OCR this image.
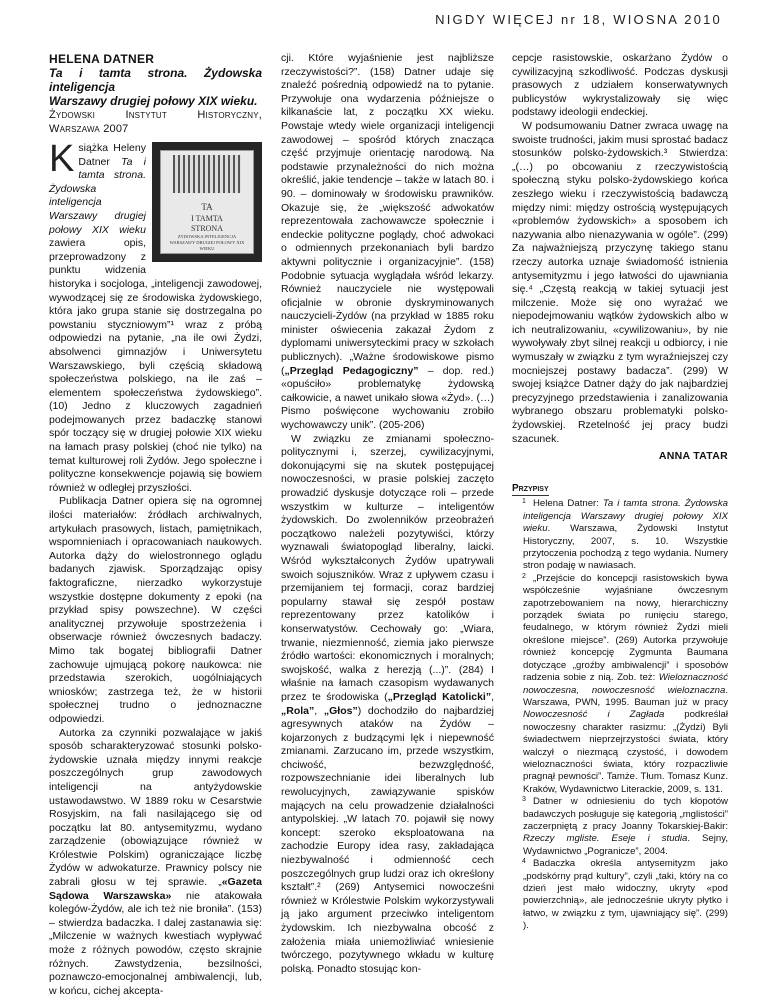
NIGDY WIĘCEJ nr 18, WIOSNA 2010
HELENA DATNER
Ta i tamta strona. Żydowska inteligencja
Warszawy drugiej połowy XIX wieku.
Żydowski Instytut Historyczny, Warszawa 2007
TA
I TAMTA
STRONA
ŻYDOWSKA INTELIGENCJA WARSZAWY DRUGIEJ POŁOWY XIX WIEKU

Książka Heleny Datner Ta i tamta strona. Żydowska inteligencja Warszawy drugiej połowy XIX wieku zawiera opis, przeprowadzony z punktu widzenia historyka i socjologa, „inteligencji zawodowej, wywodzącej się ze środowiska żydowskiego, która jako grupa stanie się dostrzegalna po powstaniu styczniowym”¹ wraz z próbą odpowiedzi na pytanie, „na ile owi Żydzi, absolwenci gimnazjów i Uniwersytetu Warszawskiego, byli częścią składową społeczeństwa polskiego, na ile zaś – elementem społeczeństwa żydowskiego”. (10) Jedno z kluczowych zagadnień podejmowanych przez badaczkę stanowi spór toczący się w drugiej połowie XIX wieku na łamach prasy polskiej (choć nie tylko) na temat kulturowej roli Żydów. Jego społeczne i polityczne konsekwencje pojawią się bowiem również w odległej przyszłości.

Publikacja Datner opiera się na ogromnej ilości materiałów: źródłach archiwalnych, artykułach prasowych, listach, pamiętnikach, wspomnieniach i opracowaniach naukowych. Autorka dąży do wielostronnego oglądu badanych zjawisk. Sporządzając opisy faktograficzne, nierzadko wykorzystuje wszystkie dostępne dokumenty z epoki (na przykład spisy powszechne). W części analitycznej przywołuje spostrzeżenia i obserwacje również ówczesnych badaczy. Mimo tak bogatej bibliografii Datner zachowuje ujmującą pokorę naukowca: nie przedstawia szerokich, uogólniających wniosków; zastrzega też, że w historii społecznej trudno o jednoznaczne odpowiedzi.

Autorka za czynniki pozwalające w jakiś sposób scharakteryzować stosunki polsko-żydowskie uznała między innymi reakcje poszczególnych grup zawodowych inteligencji na antyżydowskie ustawodawstwo. W 1889 roku w Cesarstwie Rosyjskim, na fali nasilającego się od początku lat 80. antysemityzmu, wydano zarządzenie (obowiązujące również w Królestwie Polskim) ograniczające liczbę Żydów w adwokaturze. Prawnicy polscy nie zabrali głosu w tej sprawie. „«Gazeta Sądowa Warszawska» nie atakowała kolegów-Żydów, ale ich też nie broniła”. (153) – stwierdza badaczka. I dalej zastanawia się: „Milczenie w ważnych kwestiach wypływać może z różnych powodów, często skrajnie różnych. Zawstydzenia, bezsilności, poznawczo-emocjonalnej ambiwalencji, lub, w końcu, cichej akcepta-

cji. Które wyjaśnienie jest najbliższe rzeczywistości?”. (158) Datner udaje się znaleźć pośrednią odpowiedź na to pytanie. Przywołuje ona wydarzenia późniejsze o kilkanaście lat, z początku XX wieku. Powstaje wtedy wiele organizacji inteligencji zawodowej – spośród których znacząca część przyjmuje orientację narodową. Na podstawie przynależności do nich można określić, jakie tendencje – także w latach 80. i 90. – dominowały w środowisku prawników. Okazuje się, że „większość adwokatów reprezentowała zachowawcze społecznie i endeckie polityczne poglądy, choć adwokaci o odmiennych przekonaniach byli bardzo aktywni politycznie i organizacyjnie”. (158) Podobnie sytuacja wyglądała wśród lekarzy. Również nauczyciele nie występowali oficjalnie w obronie dyskryminowanych nauczycieli-Żydów (na przykład w 1885 roku minister oświecenia zakazał Żydom z dyplomami uniwersyteckimi pracy w szkołach publicznych). „Ważne środowiskowe pismo („Przegląd Pedagogiczny” – dop. red.) «opuściło» problematykę żydowską całkowicie, a nawet unikało słowa «Żyd». (…) Pismo poświęcone wychowaniu zrobiło wychowawczy unik”. (205-206)

W związku ze zmianami społeczno-politycznymi i, szerzej, cywilizacyjnymi, dokonującymi się na skutek postępującej nowoczesności, w prasie polskiej zaczęto prowadzić dyskusje dotyczące roli – przede wszystkim w kulturze – inteligentów żydowskich. Do zwolenników przeobrażeń początkowo należeli pozytywiści, którzy wyznawali światopogląd liberalny, laicki. Wśród wykształconych Żydów upatrywali swoich sojuszników. Wraz z upływem czasu i przemijaniem tej formacji, coraz bardziej popularny stawał się zespół postaw reprezentowany przez katolików i konserwatystów. Cechowały go: „Wiara, trwanie, niezmienność, ziemia jako pierwsze źródło wartości: ekonomicznych i moralnych; swojskość, walka z herezją (...)”. (284) I właśnie na łamach czasopism wydawanych przez te środowiska („Przegląd Katolicki”, „Rola”, „Głos”) dochodziło do najbardziej agresywnych ataków na Żydów – kojarzonych z budzącymi lęk i niepewność zmianami. Zarzucano im, przede wszystkim, chciwość, bezwzględność, rozpowszechnianie idei liberalnych lub rewolucyjnych, zawiązywanie spisków mających na celu prowadzenie działalności antypolskiej. „W latach 70. pojawił się nowy koncept: szeroko eksploatowana na zachodzie Europy idea rasy, zakładająca niezbywalność i odmienność cech poszczególnych grup ludzi oraz ich określony kształt”.² (269) Antysemici nowocześni również w Królestwie Polskim wykorzystywali ją jako argument przeciwko inteligentom żydowskim. Ich niezbywalna obcość z założenia miała uniemożliwiać wniesienie twórczego, pozytywnego wkładu w kulturę polską. Ponadto stosując kon-

cepcje rasistowskie, oskarżano Żydów o cywilizacyjną szkodliwość. Podczas dyskusji prasowych z udziałem konserwatywnych publicystów wykrystalizowały się więc podstawy ideologii endeckiej.

W podsumowaniu Datner zwraca uwagę na swoiste trudności, jakim musi sprostać badacz stosunków polsko-żydowskich.³ Stwierdza: „(…) po obcowaniu z rzeczywistością społeczną styku polsko-żydowskiego końca zeszłego wieku i rzeczywistością badawczą między nimi: między ostrością występujących «problemów żydowskich» a sposobem ich nazywania albo nienazywania w ogóle”. (299) Za najważniejszą przyczynę takiego stanu rzeczy autorka uznaje świadomość istnienia antysemityzmu i jego łatwości do ujawniania się.⁴ „Częstą reakcją w takiej sytuacji jest milczenie. Może się ono wyrażać we niepodejmowaniu wątków żydowskich albo w ich neutralizowaniu, «cywilizowaniu», by nie wywoływały zbyt silnej reakcji u odbiorcy, i nie wymuszały w związku z tym wyraźniejszej czy mocniejszej postawy badacza”. (299) W swojej książce Datner dąży do jak najbardziej precyzyjnego przedstawienia i zanalizowania wybranego obszaru problematyki polsko-żydowskiej. Rzetelność jej pracy budzi szacunek.

ANNA TATAR
Przypisy

1 Helena Datner: Ta i tamta strona. Żydowska inteligencja Warszawy drugiej połowy XIX wieku. Warszawa, Żydowski Instytut Historyczny, 2007, s. 10. Wszystkie przytoczenia pochodzą z tego wydania. Numery stron podaję w nawiasach.

2 „Przejście do koncepcji rasistowskich bywa współcześnie wyjaśniane ówczesnym zapotrzebowaniem na nowy, hierarchiczny porządek świata po runięciu starego, feudalnego, w którym również Żydzi mieli określone miejsce”. (269) Autorka przywołuje również koncepcję Zygmunta Baumana dotyczące „groźby ambiwalencji” i sposobów radzenia sobie z nią. Zob. też: Wieloznaczność nowoczesna, nowoczesność wieloznaczna. Warszawa, PWN, 1995. Bauman już w pracy Nowoczesność i Zagłada podkreślał nowoczesny charakter rasizmu: „(Żydzi) Byli świadectwem nieprzejrzystości świata, który walczył o niezmącą czystość, i dowodem wieloznaczności świata, który rozpaczliwie pragnął pewności”. Tamże. Tłum. Tomasz Kunz. Kraków, Wydawnictwo Literackie, 2009, s. 131.

3 Datner w odniesieniu do tych kłopotów badawczych posługuje się kategorią „mglistości” zaczerpniętą z pracy Joanny Tokarskiej-Bakir: Rzeczy mgliste. Eseje i studia. Sejny, Wydawnictwo „Pogranicze”, 2004.

4 Badaczka określa antysemityzm jako „podskórny prąd kultury”, czyli „taki, który na co dzień jest mało widoczny, ukryty «pod powierzchnią», ale jednocześnie ukryty płytko i łatwo, w związku z tym, ujawniający się”. (299) ).
